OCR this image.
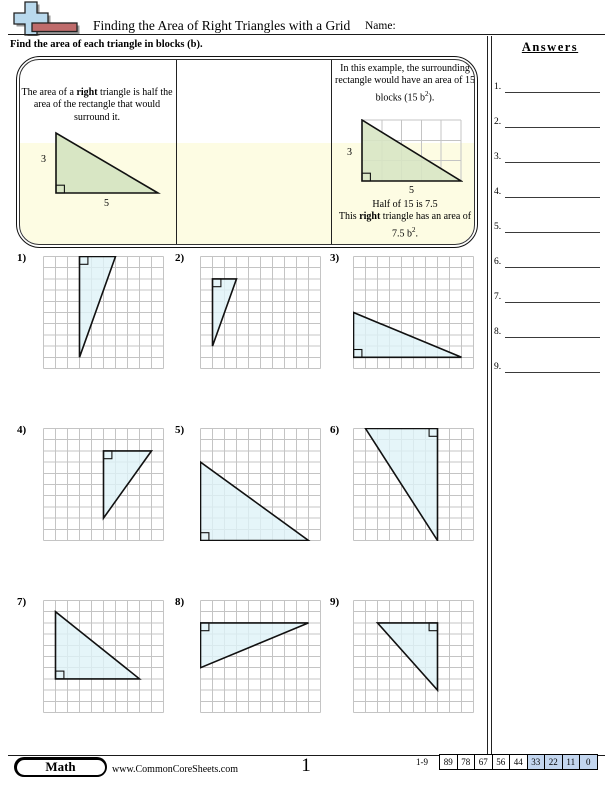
Finding the Area of Right Triangles with a Grid Name:
Find the area of each triangle in blocks (b).	Answers
1.
2.
3.
4.
5.
6.
7.
8.
9.
The area of a right triangle is half the area of the rectangle that would surround it.
3
5
In this example, the surrounding rectangle would have an area of 15 blocks (15 $b^2$).
3
5
Half of 15 is 7.5
This right triangle has an area of 7.5 $b^2$.
1)	2)	3)
4)	5)	6)
7)	8)	9)
Math	www.CommonCoreSheets.com	1	1-9	89 78 67 56 44 33 22 11	0
